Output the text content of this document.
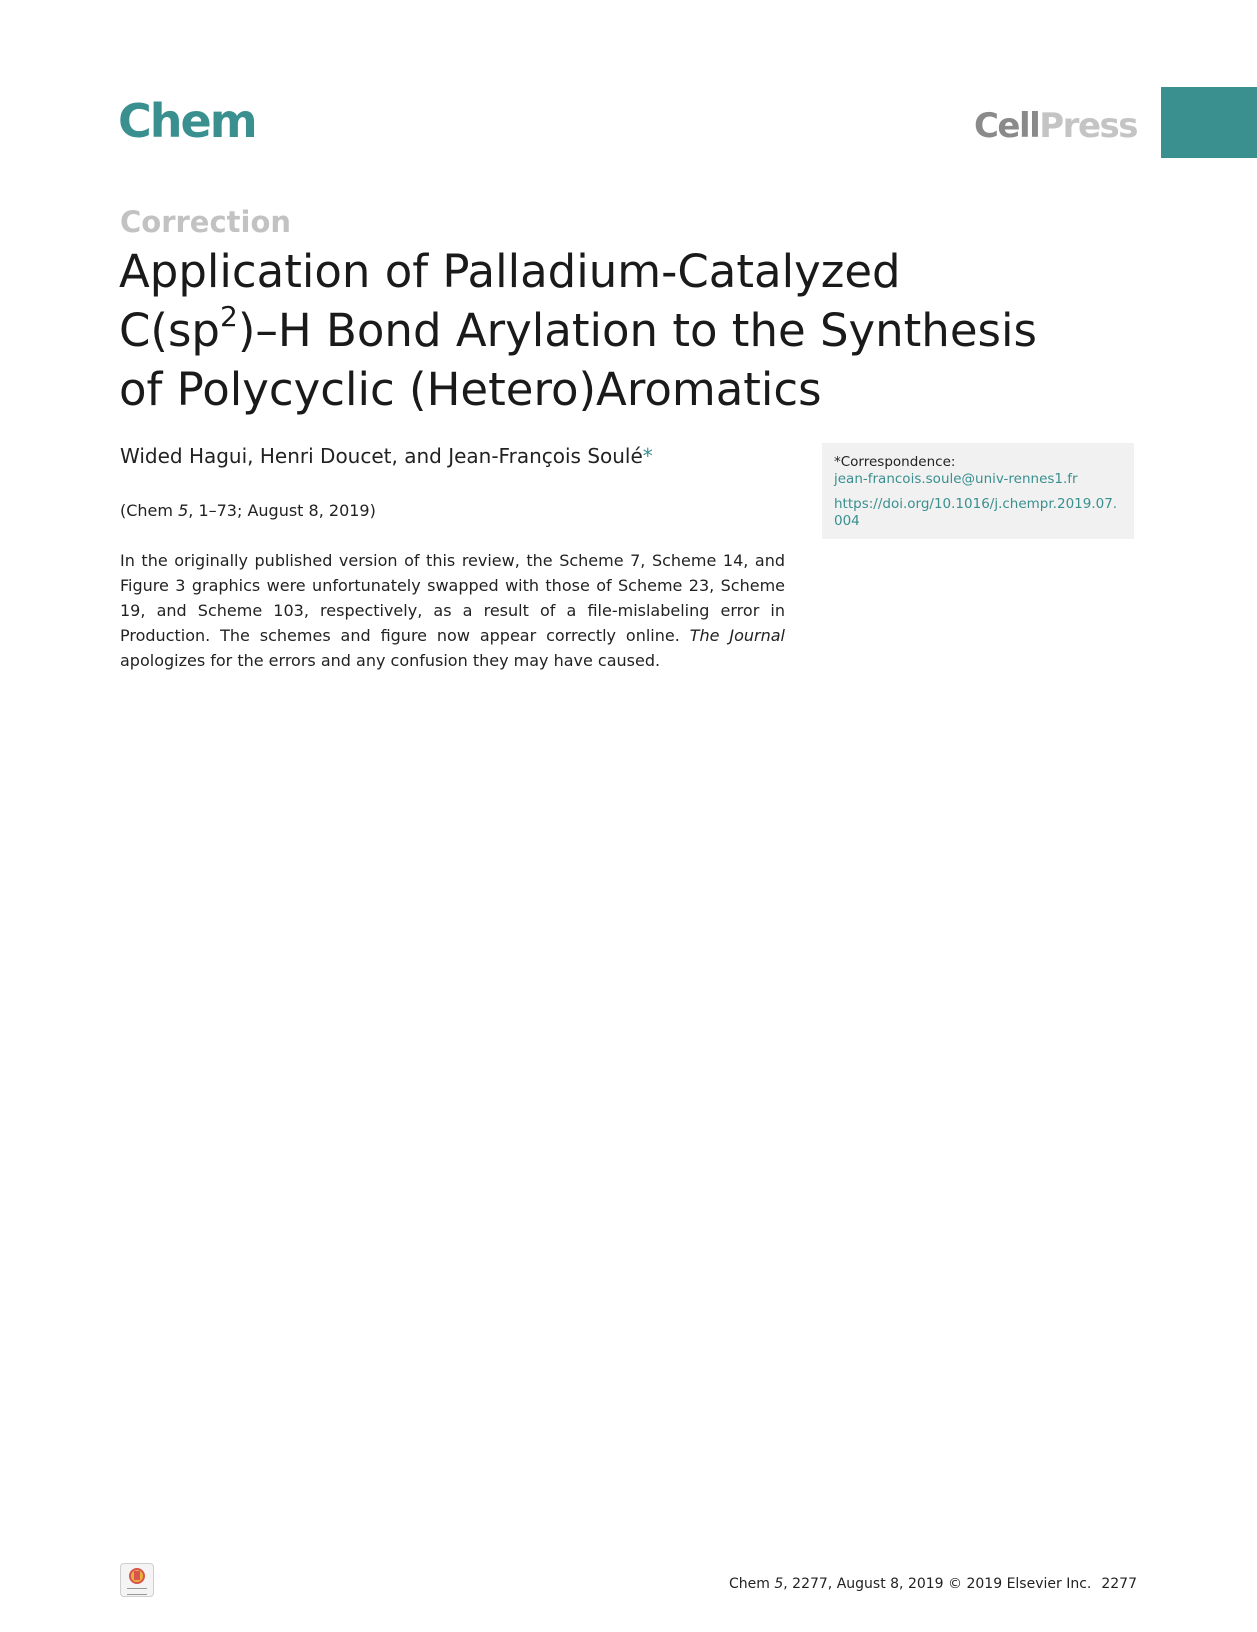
Chem	CellPress
Correction
Application of Palladium-Catalyzed
$C(sp^2)-H$ Bond Arylation to the Synthesis
of Polycyclic (Hetero)Aromatics
Wided Hagui, Henri Doucet, and Jean-François Soulé*
(Chem 5, 1–73; August 8, 2019)

In the originally published version of this review, the Scheme 7, Scheme 14, and Figure 3 graphics were unfortunately swapped with those of Scheme 23, Scheme 19, and Scheme 103, respectively, as a result of a file-mislabeling error in Production. The schemes and figure now appear correctly online. The Journal apologizes for the errors and any confusion they may have caused.

*Correspondence:
jean-francois.soule@univ-rennes1.fr
https://doi.org/10.1016/j.chempr.2019.07.004
Chem 5, 2277, August 8, 2019 © 2019 Elsevier Inc. 2277
